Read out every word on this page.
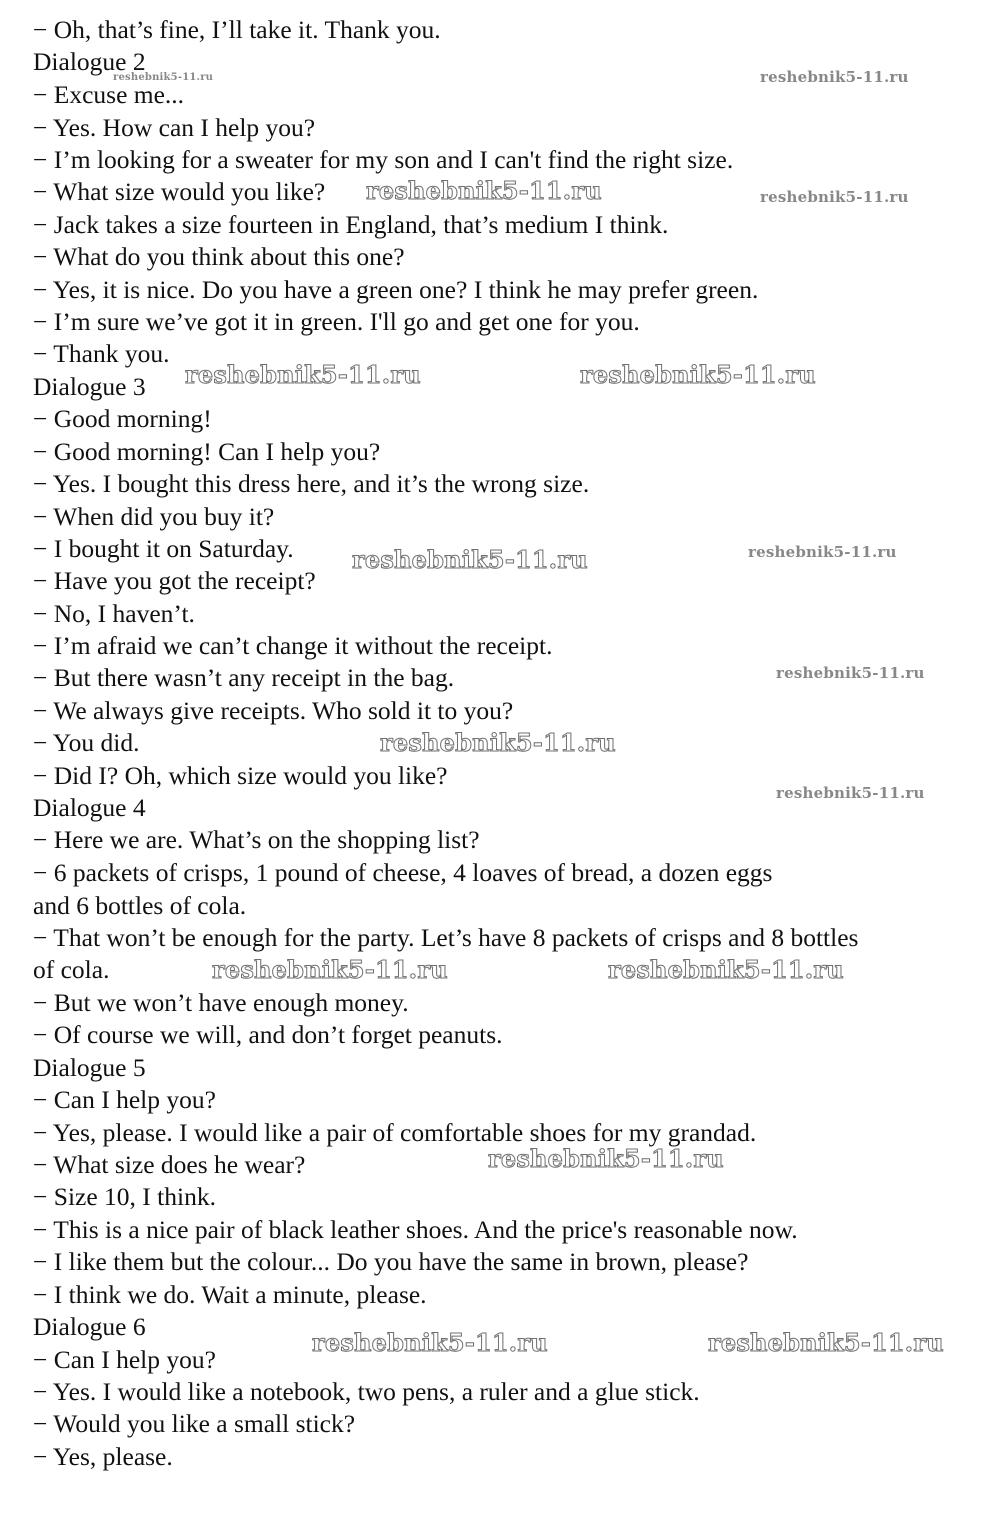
− Oh, that’s fine, I’ll take it. Thank you.
Dialogue 2
− Excuse me...
− Yes. How can I help you?
− I’m looking for a sweater for my son and I can't find the right size.
− What size would you like?
− Jack takes a size fourteen in England, that’s medium I think.
− What do you think about this one?
− Yes, it is nice. Do you have a green one? I think he may prefer green.
− I’m sure we’ve got it in green. I'll go and get one for you.
− Thank you.
Dialogue 3
− Good morning!
− Good morning! Can I help you?
− Yes. I bought this dress here, and it’s the wrong size.
− When did you buy it?
− I bought it on Saturday.
− Have you got the receipt?
− No, I haven’t.
− I’m afraid we can’t change it without the receipt.
− But there wasn’t any receipt in the bag.
− We always give receipts. Who sold it to you?
− You did.
− Did I? Oh, which size would you like?
Dialogue 4
− Here we are. What’s on the shopping list?
− 6 packets of crisps, 1 pound of cheese, 4 loaves of bread, a dozen eggs
and 6 bottles of cola.
− That won’t be enough for the party. Let’s have 8 packets of crisps and 8 bottles
of cola.
− But we won’t have enough money.
− Of course we will, and don’t forget peanuts.
Dialogue 5
− Can I help you?
− Yes, please. I would like a pair of comfortable shoes for my grandad.
− What size does he wear?
− Size 10, I think.
− This is a nice pair of black leather shoes. And the price's reasonable now.
− I like them but the colour... Do you have the same in brown, please?
− I think we do. Wait a minute, please.
Dialogue 6
− Can I help you?
− Yes. I would like a notebook, two pens, a ruler and a glue stick.
− Would you like a small stick?
− Yes, please.
reshebnik5-11.ru	reshebnik5-11.ru
reshebnik5-11.ru	reshebnik5-11.ru
reshebnik5-11.ru	reshebnik5-11.ru
reshebnik5-11.ru	reshebnik5-11.ru
reshebnik5-11.ru
reshebnik5-11.ru
reshebnik5-11.ru
reshebnik5-11.ru	reshebnik5-11.ru
reshebnik5-11.ru
reshebnik5-11.ru	reshebnik5-11.ru
